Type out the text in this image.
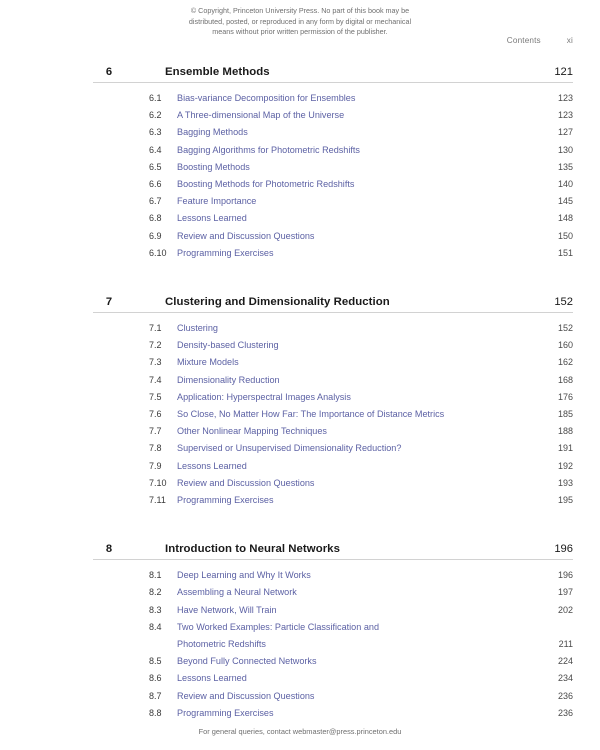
© Copyright, Princeton University Press. No part of this book may be
distributed, posted, or reproduced in any form by digital or mechanical
means without prior written permission of the publisher.
Contents	xi
6	Ensemble Methods	121
6.1	Bias-variance Decomposition for Ensembles	123
6.2	A Three-dimensional Map of the Universe	123
6.3	Bagging Methods	127
6.4	Bagging Algorithms for Photometric Redshifts	130
6.5	Boosting Methods	135
6.6	Boosting Methods for Photometric Redshifts	140
6.7	Feature Importance	145
6.8	Lessons Learned	148
6.9	Review and Discussion Questions	150
6.10	Programming Exercises	151
7	Clustering and Dimensionality Reduction	152
7.1	Clustering	152
7.2	Density-based Clustering	160
7.3	Mixture Models	162
7.4	Dimensionality Reduction	168
7.5	Application: Hyperspectral Images Analysis	176
7.6	So Close, No Matter How Far: The Importance of Distance Metrics	185
7.7	Other Nonlinear Mapping Techniques	188
7.8	Supervised or Unsupervised Dimensionality Reduction?	191
7.9	Lessons Learned	192
7.10	Review and Discussion Questions	193
7.11	Programming Exercises	195
8	Introduction to Neural Networks	196
8.1	Deep Learning and Why It Works	196
8.2	Assembling a Neural Network	197
8.3	Have Network, Will Train	202
8.4	Two Worked Examples: Particle Classification and
Photometric Redshifts	211
8.5	Beyond Fully Connected Networks	224
8.6	Lessons Learned	234
8.7	Review and Discussion Questions	236
8.8	Programming Exercises	236
For general queries, contact webmaster@press.princeton.edu
